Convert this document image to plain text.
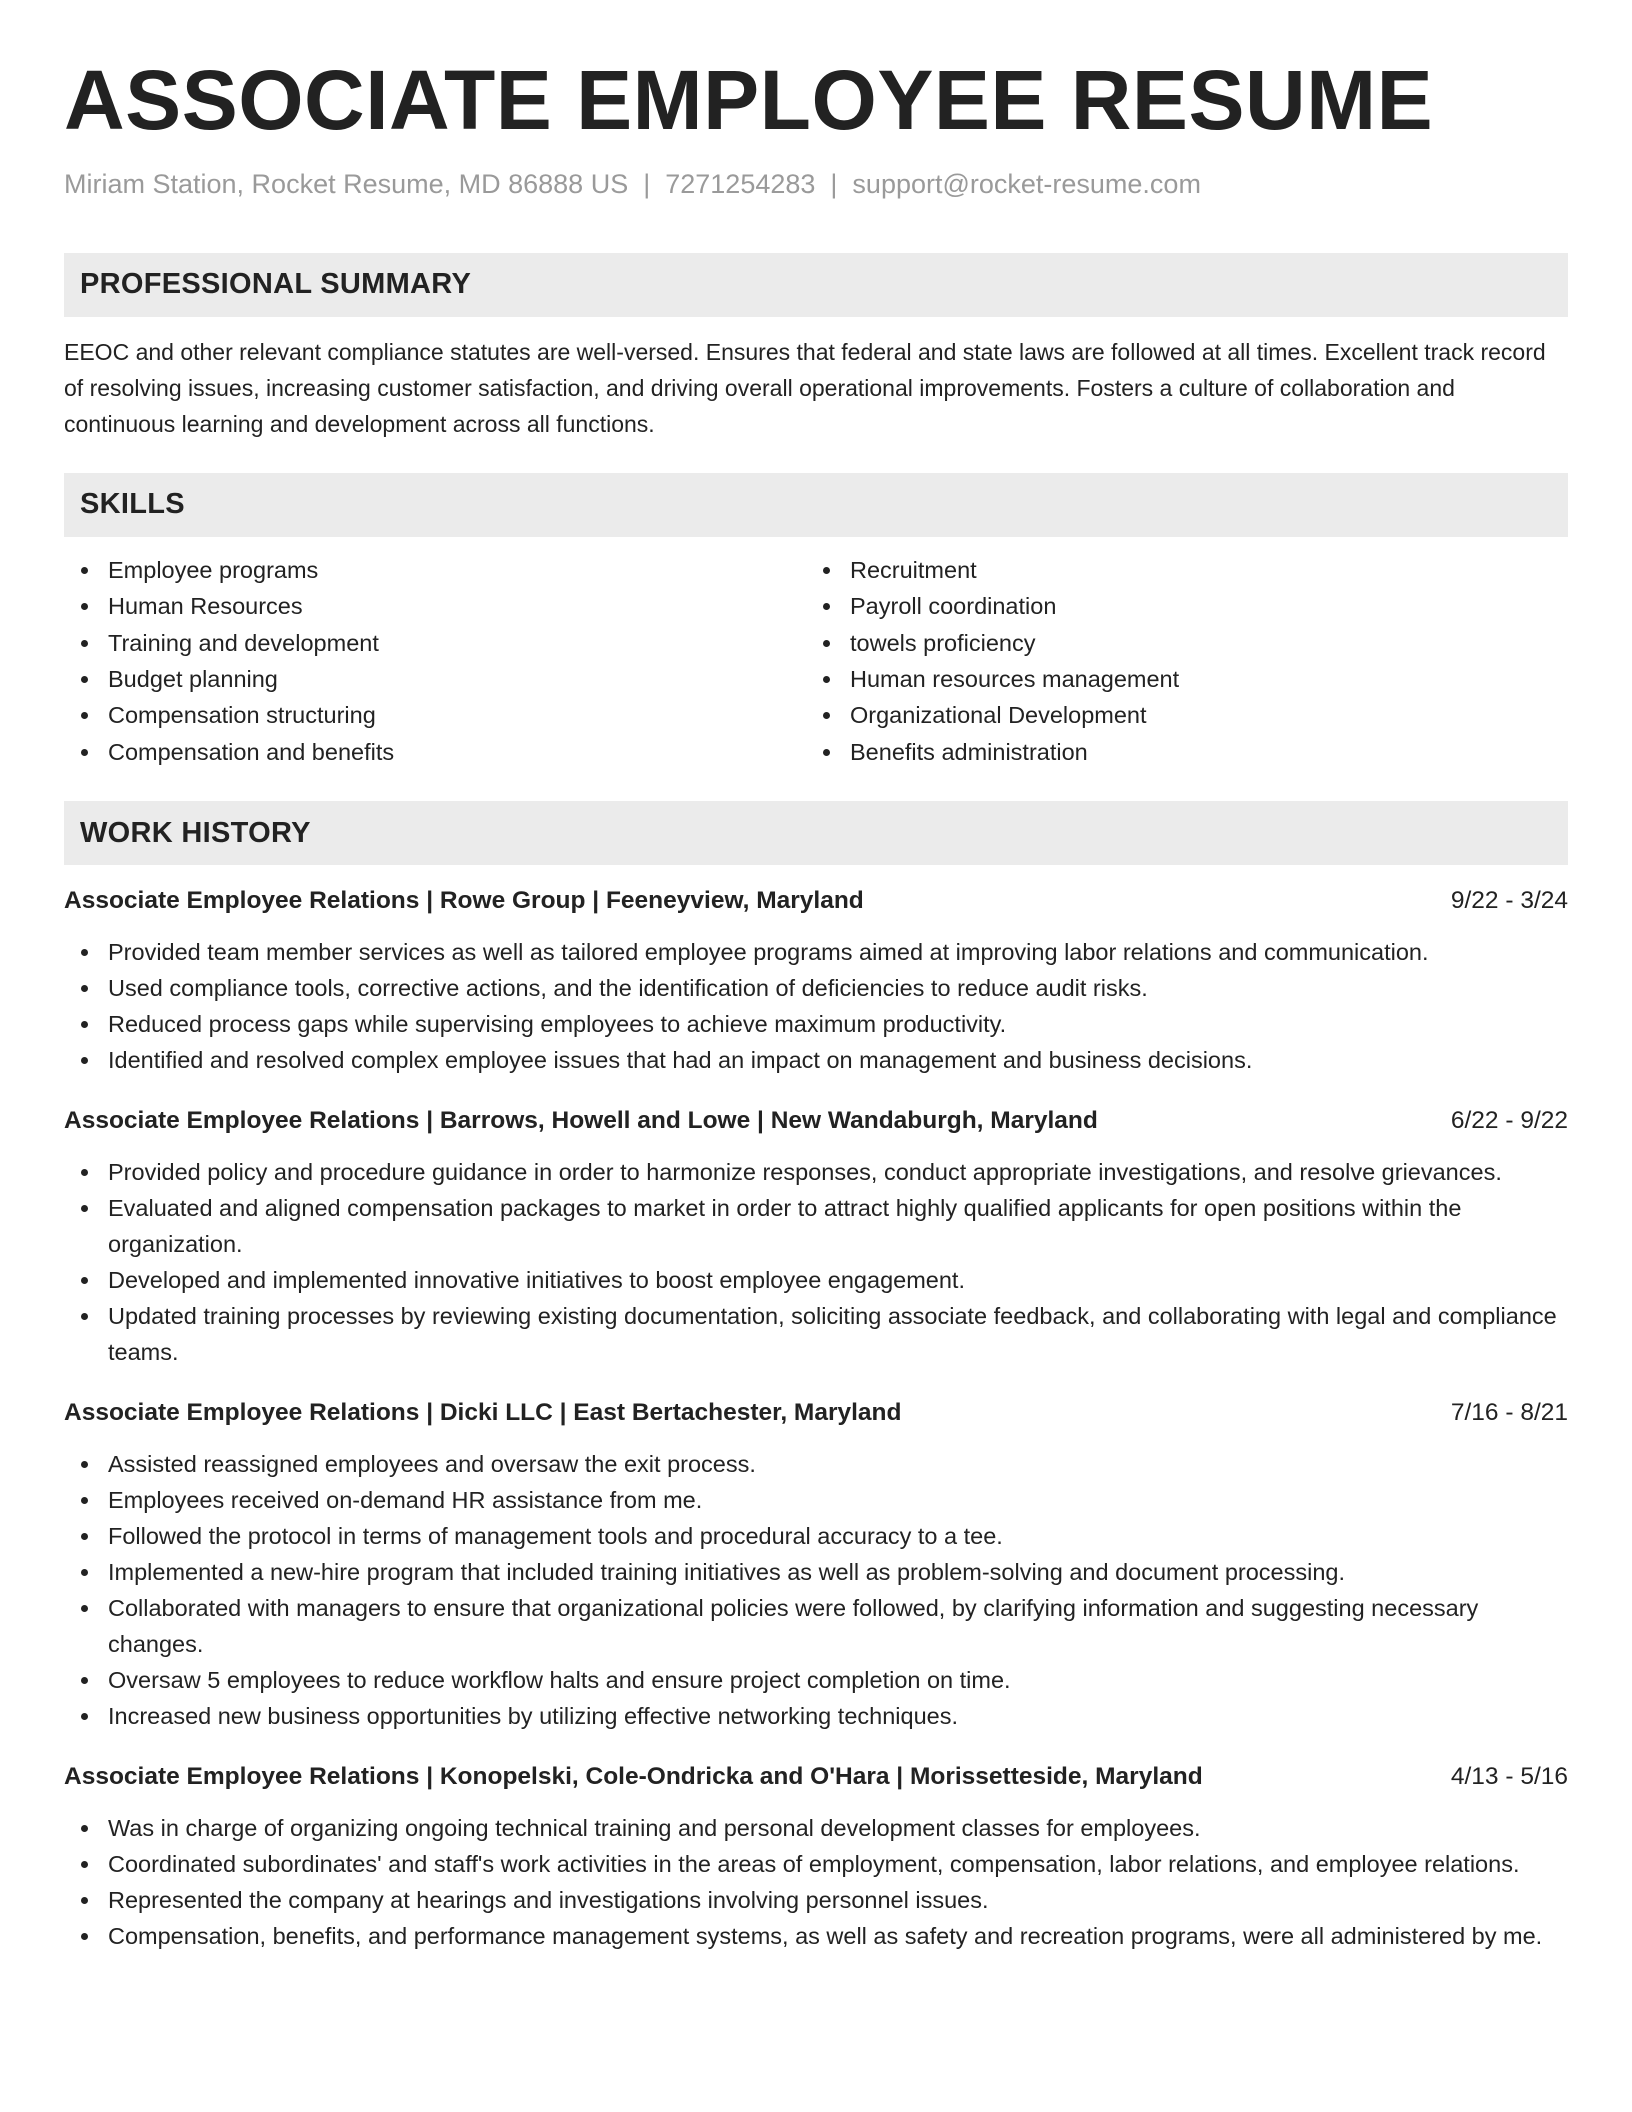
ASSOCIATE EMPLOYEE RESUME
Miriam Station, Rocket Resume, MD 86888 US | 7271254283 | support@rocket-resume.com
PROFESSIONAL SUMMARY

EEOC and other relevant compliance statutes are well-versed. Ensures that federal and state laws are followed at all times. Excellent track record of resolving issues, increasing customer satisfaction, and driving overall operational improvements. Fosters a culture of collaboration and continuous learning and development across all functions.

SKILLS
Employee programs
Human Resources
Training and development
Budget planning
Compensation structuring
Compensation and benefits
Recruitment
Payroll coordination
towels proficiency
Human resources management
Organizational Development
Benefits administration
WORK HISTORY
Associate Employee Relations | Rowe Group | Feeneyview, Maryland	9/22 - 3/24
Provided team member services as well as tailored employee programs aimed at improving labor relations and communication.
Used compliance tools, corrective actions, and the identification of deficiencies to reduce audit risks.
Reduced process gaps while supervising employees to achieve maximum productivity.
Identified and resolved complex employee issues that had an impact on management and business decisions.
Associate Employee Relations | Barrows, Howell and Lowe | New Wandaburgh, Maryland	6/22 - 9/22
Provided policy and procedure guidance in order to harmonize responses, conduct appropriate investigations, and resolve grievances.
Evaluated and aligned compensation packages to market in order to attract highly qualified applicants for open positions within the organization.
Developed and implemented innovative initiatives to boost employee engagement.
Updated training processes by reviewing existing documentation, soliciting associate feedback, and collaborating with legal and compliance teams.
Associate Employee Relations | Dicki LLC | East Bertachester, Maryland	7/16 - 8/21
Assisted reassigned employees and oversaw the exit process.
Employees received on-demand HR assistance from me.
Followed the protocol in terms of management tools and procedural accuracy to a tee.
Implemented a new-hire program that included training initiatives as well as problem-solving and document processing.
Collaborated with managers to ensure that organizational policies were followed, by clarifying information and suggesting necessary changes.
Oversaw 5 employees to reduce workflow halts and ensure project completion on time.
Increased new business opportunities by utilizing effective networking techniques.
Associate Employee Relations | Konopelski, Cole-Ondricka and O'Hara | Morissetteside, Maryland	4/13 - 5/16
Was in charge of organizing ongoing technical training and personal development classes for employees.
Coordinated subordinates' and staff's work activities in the areas of employment, compensation, labor relations, and employee relations.
Represented the company at hearings and investigations involving personnel issues.
Compensation, benefits, and performance management systems, as well as safety and recreation programs, were all administered by me.
